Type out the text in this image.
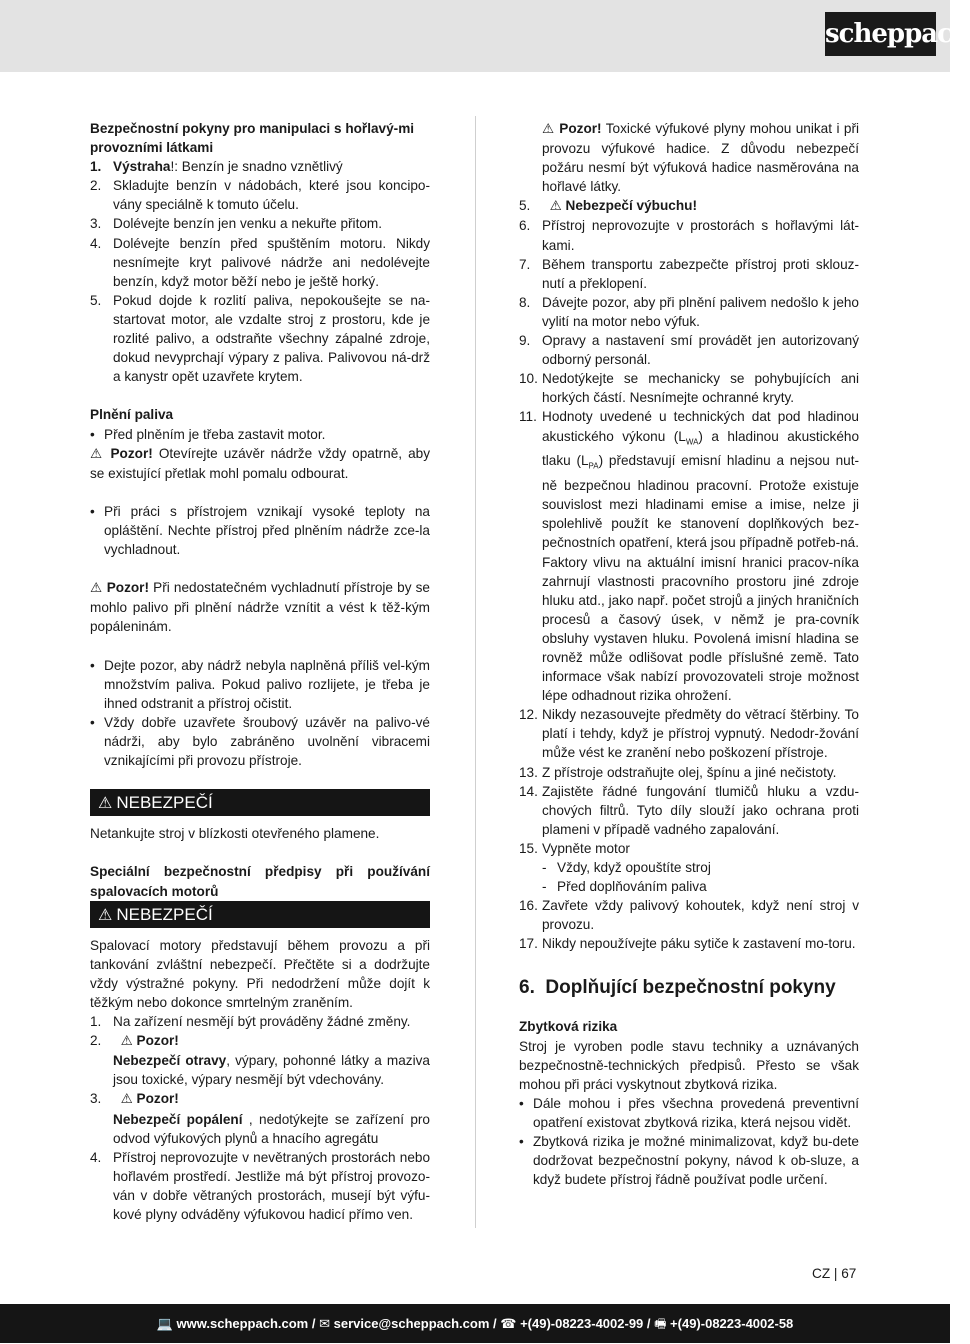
scheppach
Bezpečnostní pokyny pro manipulaci s hořlavý-mi provozními látkami
1. Výstraha!: Benzín je snadno vznětlivý
2. Skladujte benzín v nádobách, které jsou koncipo-vány speciálně k tomuto účelu.
3. Dolévejte benzín jen venku a nekuřte přitom.
4. Dolévejte benzín před spuštěním motoru. Nikdy nesnímejte kryt palivové nádrže ani nedolévejte benzín, když motor běží nebo je ještě horký.
5. Pokud dojde k rozlití paliva, nepokoušejte se na-startovat motor, ale vzdalte stroj z prostoru, kde je rozlité palivo, a odstraňte všechny zápalné zdroje, dokud nevyprchají výpary z paliva. Palivovou ná-drž a kanystr opět uzavřete krytem.
Plnění paliva
• Před plněním je třeba zastavit motor.

⚠ Pozor! Otevírejte uzávěr nádrže vždy opatrně, aby se existující přetlak mohl pomalu odbourat.

• Při práci s přístrojem vznikají vysoké teploty na opláštění. Nechte přístroj před plněním nádrže zce-la vychladnout.

⚠ Pozor! Při nedostatečném vychladnutí přístroje by se mohlo palivo při plnění nádrže vznítit a vést k těž-kým popáleninám.

• Dejte pozor, aby nádrž nebyla naplněná příliš vel-kým množstvím paliva. Pokud palivo rozlijete, je třeba je ihned odstranit a přístroj očistit.
• Vždy dobře uzavřete šroubový uzávěr na palivo-vé nádrži, aby bylo zabráněno uvolnění vibracemi vznikajícími při provozu přístroje.
⚠ NEBEZPEČÍ

Netankujte stroj v blízkosti otevřeného plamene.

Speciální bezpečnostní předpisy při používání spalovacích motorů
⚠ NEBEZPEČÍ

Spalovací motory představují během provozu a při tankování zvláštní nebezpečí. Přečtěte si a dodržujte vždy výstražné pokyny. Při nedodržení může dojít k těžkým nebo dokonce smrtelným zraněním.

1. Na zařízení nesmějí být prováděny žádné změny.
2. ⚠ Pozor!
Nebezpečí otravy, výpary, pohonné látky a maziva jsou toxické, výpary nesmějí být vdechovány.
3. ⚠ Pozor!
Nebezpečí popálení , nedotýkejte se zařízení pro odvod výfukových plynů a hnacího agregátu
4. Přístroj neprovozujte v nevětraných prostorách nebo hořlavém prostředí. Jestliže má být přístroj provozo-ván v dobře větraných prostorách, musejí být výfu-kové plyny odváděny výfukovou hadicí přímo ven.
⚠ Pozor! Toxické výfukové plyny mohou unikat i při provozu výfukové hadice. Z důvodu nebezpečí požáru nesmí být výfuková hadice nasměrována na hořlavé látky.
5. ⚠ Nebezpečí výbuchu!
6. Přístroj neprovozujte v prostorách s hořlavými lát-kami.
7. Během transportu zabezpečte přístroj proti sklouz-nutí a překlopení.
8. Dávejte pozor, aby při plnění palivem nedošlo k jeho vylití na motor nebo výfuk.
9. Opravy a nastavení smí provádět jen autorizovaný odborný personál.
10. Nedotýkejte se mechanicky se pohybujících ani horkých částí. Nesnímejte ochranné kryty.
11. Hodnoty uvedené u technických dat pod hladinou akustického výkonu $(L_{WA})$ a hladinou akustického tlaku $(L_{PA})$ představují emisní hladinu a nejsou nut-ně bezpečnou hladinou pracovní. Protože existuje souvislost mezi hladinami emise a imise, nelze ji spolehlivě použít ke stanovení doplňkových bez-pečnostních opatření, která jsou případně potřeb-ná. Faktory vlivu na aktuální imisní hranici pracov-níka zahrnují vlastnosti pracovního prostoru jiné zdroje hluku atd., jako např. počet strojů a jiných hraničních procesů a časový úsek, v němž je pra-covník obsluhy vystaven hluku. Povolená imisní hladina se rovněž může odlišovat podle příslušné země. Tato informace však nabízí provozovateli stroje možnost lépe odhadnout rizika ohrožení.
12. Nikdy nezasouvejte předměty do větrací štěrbiny. To platí i tehdy, když je přístroj vypnutý. Nedodr-žování může vést ke zranění nebo poškození přístroje.
13. Z přístroje odstraňujte olej, špínu a jiné nečistoty.
14. Zajistěte řádné fungování tlumičů hluku a vzdu-chových filtrů. Tyto díly slouží jako ochrana proti plameni v případě vadného zapalování.
15. Vypněte motor
- Vždy, když opouštíte stroj
- Před doplňováním paliva
16. Zavřete vždy palivový kohoutek, když není stroj v provozu.
17. Nikdy nepoužívejte páku sytiče k zastavení mo-toru.
6. Doplňující bezpečnostní pokyny
Zbytková rizika

Stroj je vyroben podle stavu techniky a uznávaných bezpečnostně-technických předpisů. Přesto se však mohou při práci vyskytnout zbytková rizika.

• Dále mohou i přes všechna provedená preventivní opatření existovat zbytková rizika, která nejsou vidět.
• Zbytková rizika je možné minimalizovat, když bu-dete dodržovat bezpečnostní pokyny, návod k ob-sluze, a když budete přístroj řádně používat podle určení.
CZ | 67
💻 www.scheppach.com / ✉ service@scheppach.com / ☎ +(49)-08223-4002-99 / 🖷 +(49)-08223-4002-58
